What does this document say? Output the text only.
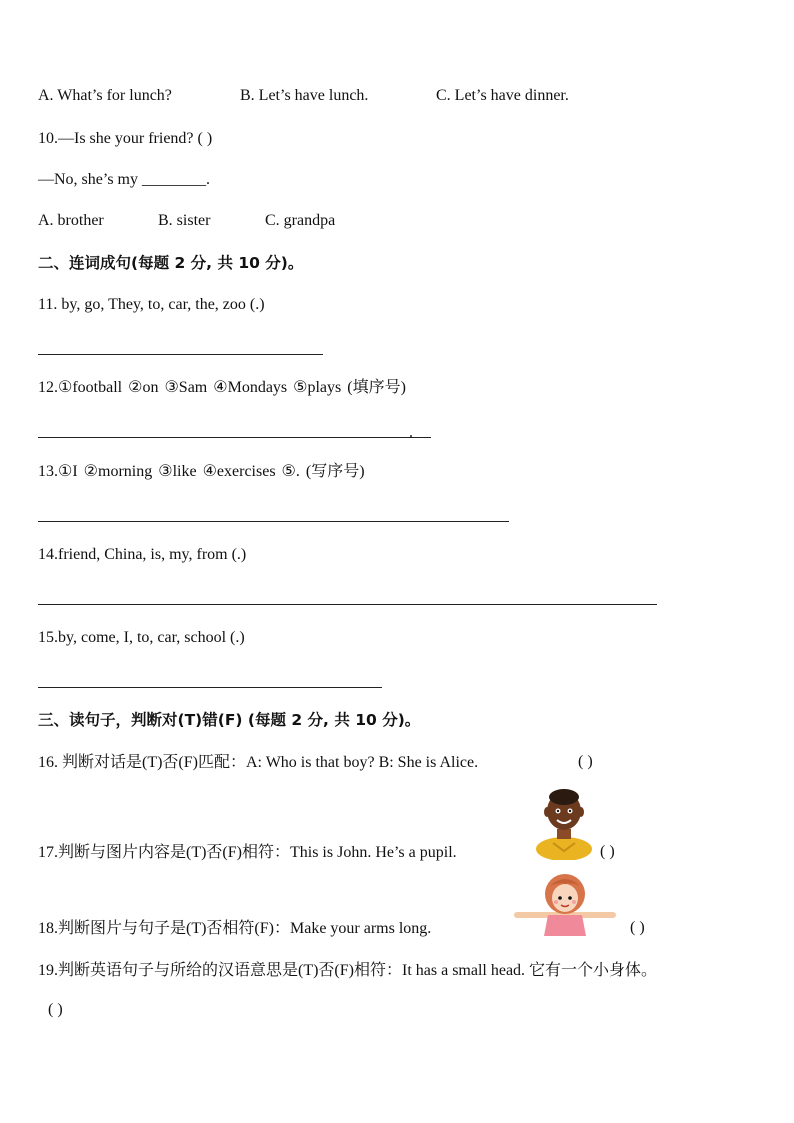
A. What’s for lunch?	B. Let’s have lunch.	C. Let’s have dinner.
10.—Is she your friend? ( )
—No, she’s my ________.
A. brother	B. sister	C. grandpa
二、连词成句(每题 2 分, 共 10 分)。
11. by, go, They, to, car, the, zoo (.)
12.①football ②on ③Sam ④Mondays ⑤plays (填序号)
.
13.①I ②morning ③like ④exercises ⑤. (写序号)
14.friend, China, is, my, from (.)
15.by, come, I, to, car, school (.)
三、读句子，判断对(T)错(F) (每题 2 分, 共 10 分)。
16. 判断对话是(T)否(F)匹配：A: Who is that boy? B: She is Alice.	( )
17.判断与图片内容是(T)否(F)相符：This is John. He’s a pupil.	( )
18.判断图片与句子是(T)否相符(F)：Make your arms long.	( )
19.判断英语句子与所给的汉语意思是(T)否(F)相符：It has a small head. 它有一个小身体。
( )
